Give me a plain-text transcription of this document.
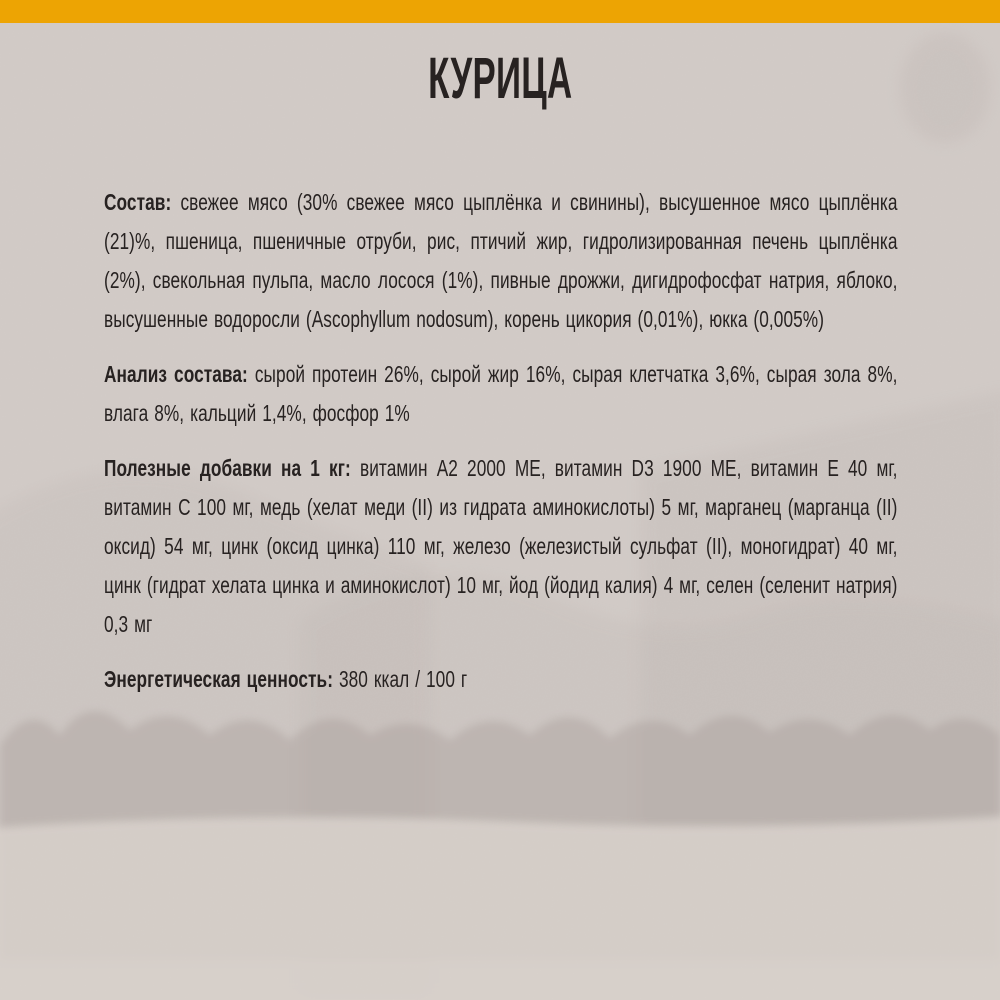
КУРИЦА

Состав: свежее мясо (30% свежее мясо цыплёнка и свинины), высушенное мясо цыплёнка (21)%, пшеница, пшеничные отруби, рис, птичий жир, гидролизированная печень цыплёнка (2%), свекольная пульпа, масло лосося (1%), пивные дрожжи, дигидрофосфат натрия, яблоко, высушенные водоросли (Ascophyllum nodosum), корень цикория (0,01%), юкка (0,005%)

Анализ состава: сырой протеин 26%, сырой жир 16%, сырая клетчатка 3,6%, сырая зола 8%, влага 8%, кальций 1,4%, фосфор 1%

Полезные добавки на 1 кг: витамин А2 2000 МЕ, витамин D3 1900 МЕ, витамин Е 40 мг, витамин С 100 мг, медь (хелат меди (II) из гидрата аминокислоты) 5 мг, марганец (марганца (II) оксид) 54 мг, цинк (оксид цинка) 110 мг, железо (железистый сульфат (II), моногидрат) 40 мг, цинк (гидрат хелата цинка и аминокислот) 10 мг, йод (йодид калия) 4 мг, селен (селенит натрия) 0,3 мг

Энергетическая ценность: 380 ккал / 100 г
